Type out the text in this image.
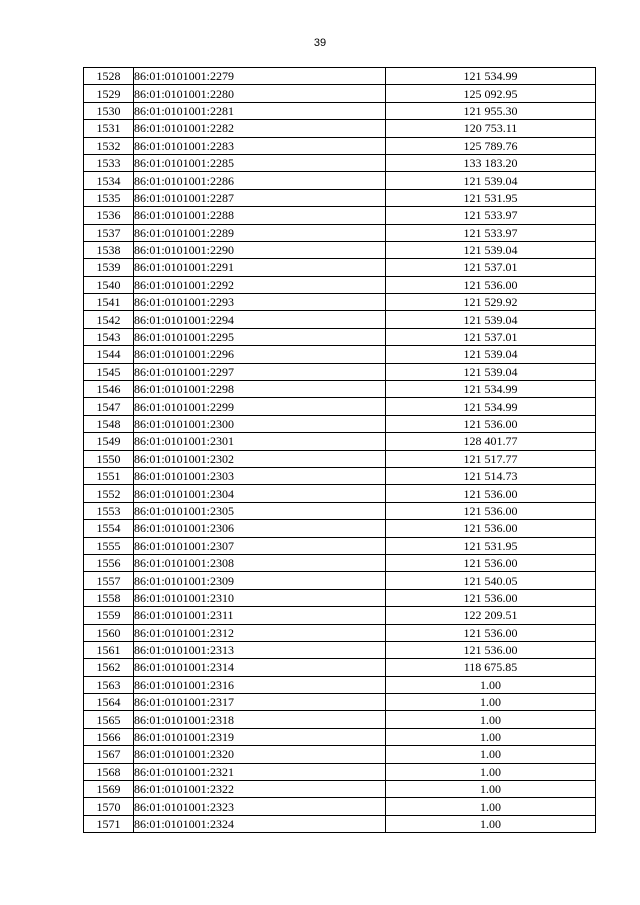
39
1528	86:01:0101001:2279	121 534.99
1529	86:01:0101001:2280	125 092.95
1530	86:01:0101001:2281	121 955.30
1531	86:01:0101001:2282	120 753.11
1532	86:01:0101001:2283	125 789.76
1533	86:01:0101001:2285	133 183.20
1534	86:01:0101001:2286	121 539.04
1535	86:01:0101001:2287	121 531.95
1536	86:01:0101001:2288	121 533.97
1537	86:01:0101001:2289	121 533.97
1538	86:01:0101001:2290	121 539.04
1539	86:01:0101001:2291	121 537.01
1540	86:01:0101001:2292	121 536.00
1541	86:01:0101001:2293	121 529.92
1542	86:01:0101001:2294	121 539.04
1543	86:01:0101001:2295	121 537.01
1544	86:01:0101001:2296	121 539.04
1545	86:01:0101001:2297	121 539.04
1546	86:01:0101001:2298	121 534.99
1547	86:01:0101001:2299	121 534.99
1548	86:01:0101001:2300	121 536.00
1549	86:01:0101001:2301	128 401.77
1550	86:01:0101001:2302	121 517.77
1551	86:01:0101001:2303	121 514.73
1552	86:01:0101001:2304	121 536.00
1553	86:01:0101001:2305	121 536.00
1554	86:01:0101001:2306	121 536.00
1555	86:01:0101001:2307	121 531.95
1556	86:01:0101001:2308	121 536.00
1557	86:01:0101001:2309	121 540.05
1558	86:01:0101001:2310	121 536.00
1559	86:01:0101001:2311	122 209.51
1560	86:01:0101001:2312	121 536.00
1561	86:01:0101001:2313	121 536.00
1562	86:01:0101001:2314	118 675.85
1563	86:01:0101001:2316	1.00
1564	86:01:0101001:2317	1.00
1565	86:01:0101001:2318	1.00
1566	86:01:0101001:2319	1.00
1567	86:01:0101001:2320	1.00
1568	86:01:0101001:2321	1.00
1569	86:01:0101001:2322	1.00
1570	86:01:0101001:2323	1.00
1571	86:01:0101001:2324	1.00
